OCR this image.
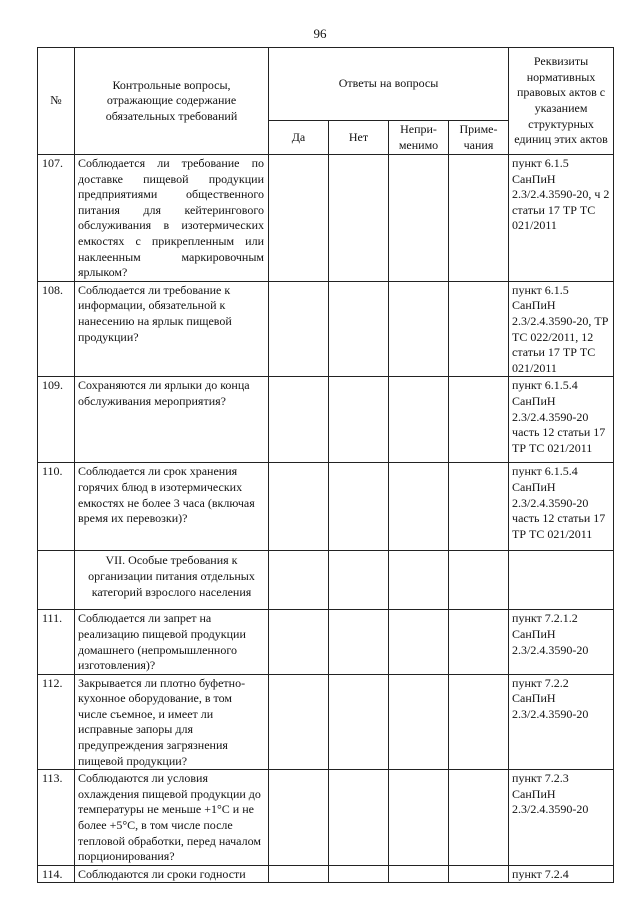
96
№	Контрольные вопросы, отражающие содержание обязательных требований	Ответы на вопросы				Реквизиты нормативных правовых актов с указанием структурных единиц этих актов
		Да	Нет	Непри-менимо	Приме-чания	
107.	Соблюдается ли требование по доставке пищевой продукции предприятиями общественного питания для кейтерингового обслуживания в изотермических емкостях с прикрепленным или наклеенным маркировочным ярлыком?					пункт 6.1.5 СанПиН 2.3/2.4.3590-20, ч 2 статьи 17 ТР ТС 021/2011
108.	Соблюдается ли требование к информации, обязательной к нанесению на ярлык пищевой продукции?					пункт 6.1.5 СанПиН 2.3/2.4.3590-20, ТР ТС 022/2011, 12 статьи 17 ТР ТС 021/2011
109.	Сохраняются ли ярлыки до конца обслуживания мероприятия?					пункт 6.1.5.4 СанПиН 2.3/2.4.3590-20 часть 12 статьи 17 ТР ТС 021/2011
110.	Соблюдается ли срок хранения горячих блюд в изотермических емкостях не более 3 часа (включая время их перевозки)?					пункт 6.1.5.4 СанПиН 2.3/2.4.3590-20 часть 12 статьи 17 ТР ТС 021/2011
	VII. Особые требования к организации питания отдельных категорий взрослого населения					
111.	Соблюдается ли запрет на реализацию пищевой продукции домашнего (непромышленного изготовления)?					пункт 7.2.1.2 СанПиН 2.3/2.4.3590-20
112.	Закрывается ли плотно буфетно-кухонное оборудование, в том числе съемное, и имеет ли исправные запоры для предупреждения загрязнения пищевой продукции?					пункт 7.2.2 СанПиН 2.3/2.4.3590-20
113.	Соблюдаются ли условия охлаждения пищевой продукции до температуры не меньше +1°C и не более +5°C, в том числе после тепловой обработки, перед началом порционирования?					пункт 7.2.3 СанПиН 2.3/2.4.3590-20
114.	Соблюдаются ли сроки годности					пункт 7.2.4
